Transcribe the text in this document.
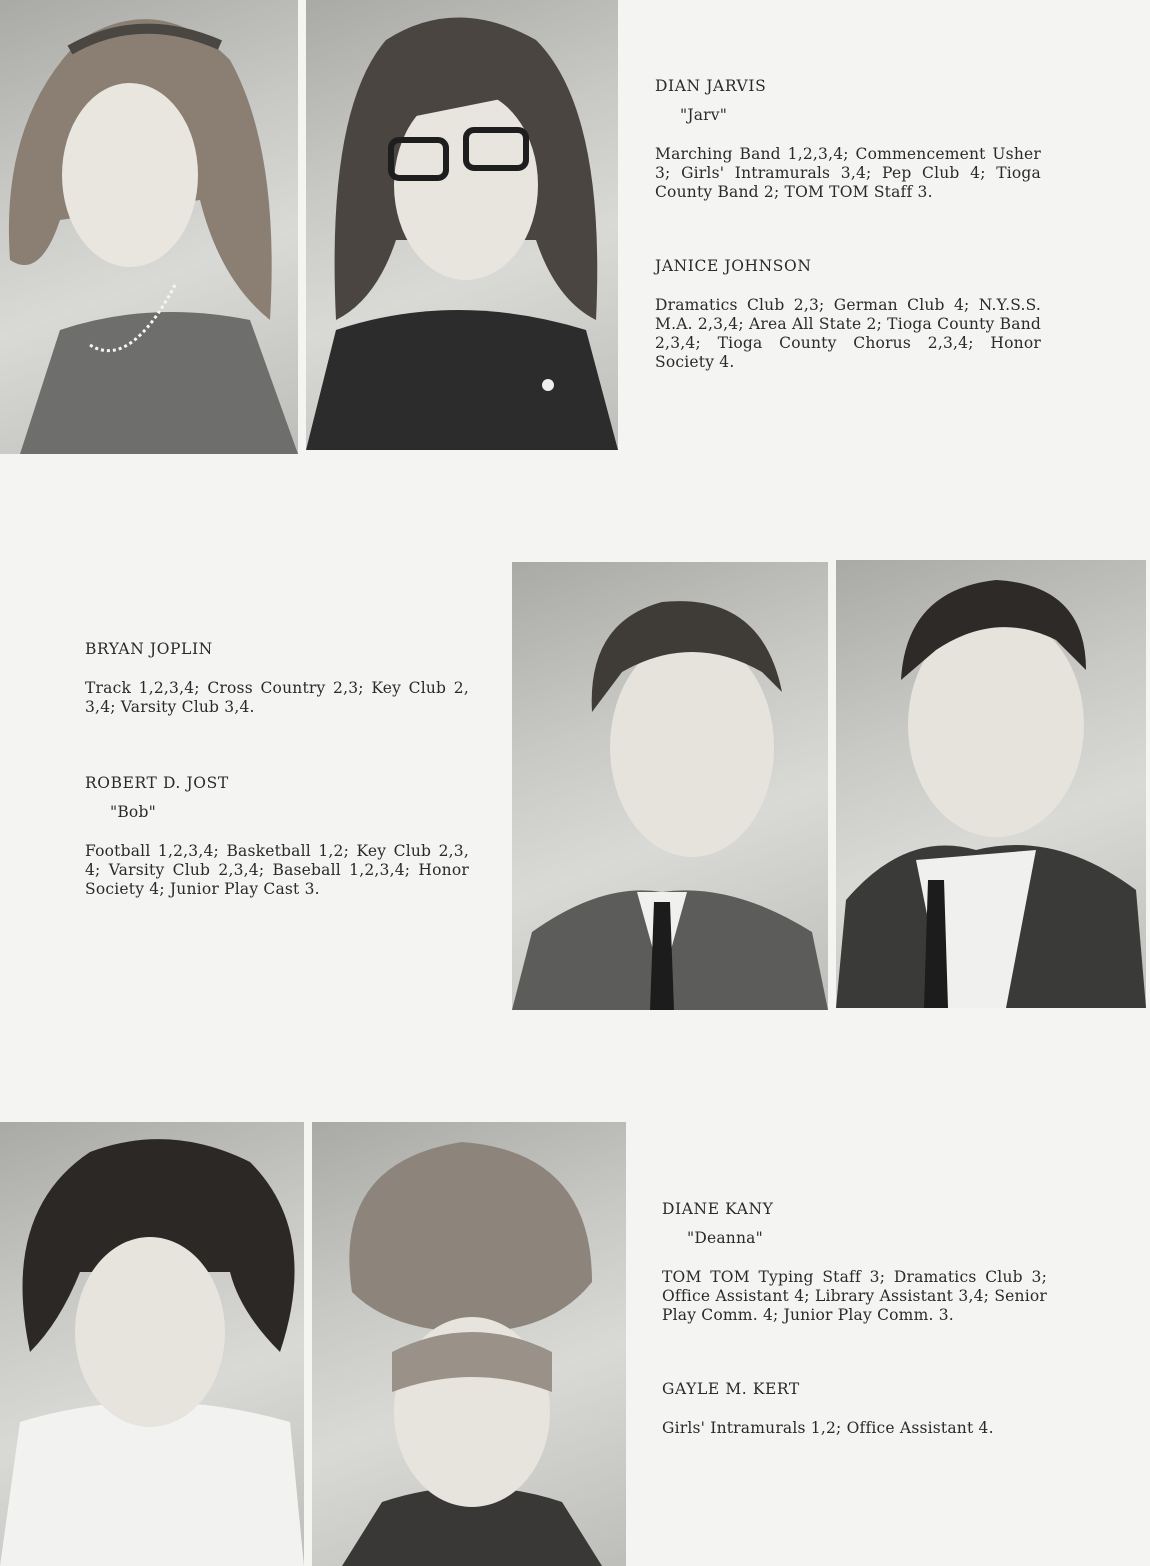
DIAN JARVIS
"Jarv"
Marching Band 1,2,3,4; Commencement Usher 3; Girls' Intramurals 3,4; Pep Club 4; Tioga County Band 2; TOM TOM Staff 3.
JANICE JOHNSON
Dramatics Club 2,3; German Club 4; N.Y.S.S. M.A. 2,3,4; Area All State 2; Tioga County Band 2,3,4; Tioga County Chorus 2,3,4; Honor Society 4.
BRYAN JOPLIN
Track 1,2,3,4; Cross Country 2,3; Key Club 2, 3,4; Varsity Club 3,4.
ROBERT D. JOST
"Bob"
Football 1,2,3,4; Basketball 1,2; Key Club 2,3, 4; Varsity Club 2,3,4; Baseball 1,2,3,4; Honor Society 4; Junior Play Cast 3.
DIANE KANY
"Deanna"
TOM TOM Typing Staff 3; Dramatics Club 3; Office Assistant 4; Library Assistant 3,4; Senior Play Comm. 4; Junior Play Comm. 3.
GAYLE M. KERT
Girls' Intramurals 1,2; Office Assistant 4.
